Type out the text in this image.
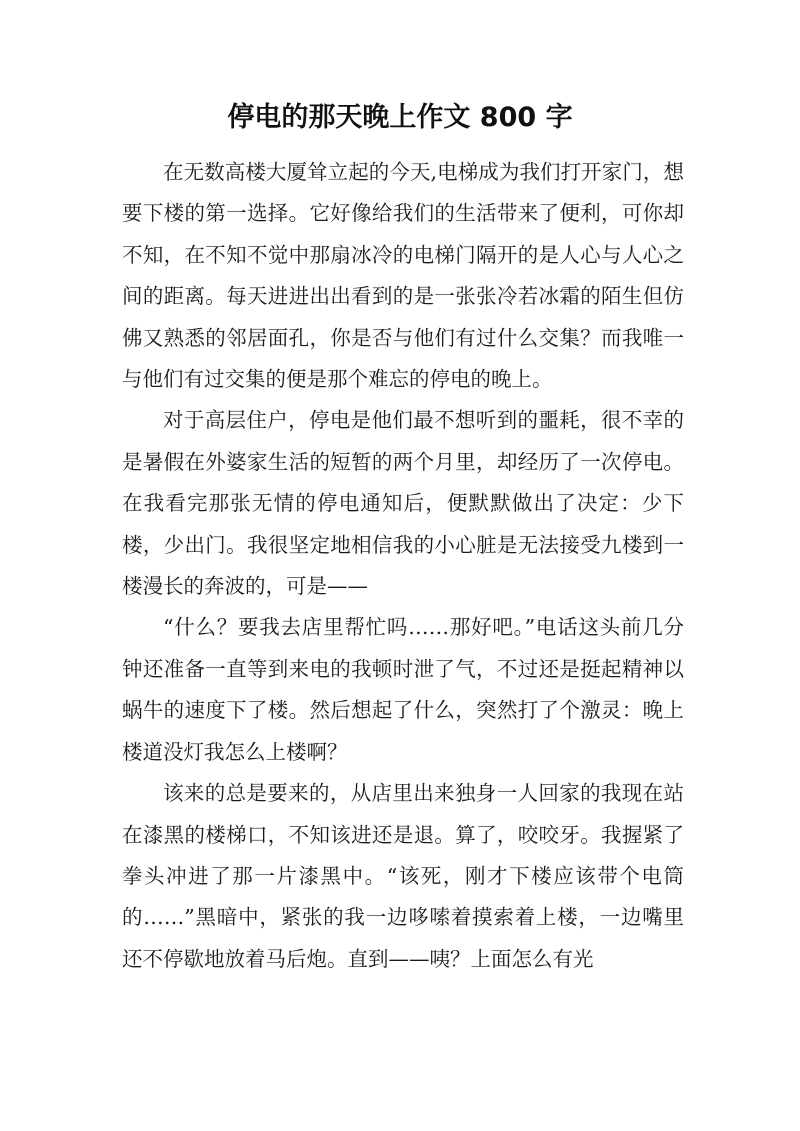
停电的那天晚上作文 800 字

在无数高楼大厦耸立起的今天,电梯成为我们打开家门，想要下楼的第一选择。它好像给我们的生活带来了便利，可你却不知，在不知不觉中那扇冰冷的电梯门隔开的是人心与人心之间的距离。每天进进出出看到的是一张张冷若冰霜的陌生但仿佛又熟悉的邻居面孔，你是否与他们有过什么交集？而我唯一与他们有过交集的便是那个难忘的停电的晚上。

对于高层住户，停电是他们最不想听到的噩耗，很不幸的是暑假在外婆家生活的短暂的两个月里，却经历了一次停电。在我看完那张无情的停电通知后，便默默做出了决定：少下楼，少出门。我很坚定地相信我的小心脏是无法接受九楼到一楼漫长的奔波的，可是——

“什么？要我去店里帮忙吗……那好吧。”电话这头前几分钟还准备一直等到来电的我顿时泄了气，不过还是挺起精神以蜗牛的速度下了楼。然后想起了什么，突然打了个激灵：晚上楼道没灯我怎么上楼啊？

该来的总是要来的，从店里出来独身一人回家的我现在站在漆黑的楼梯口，不知该进还是退。算了，咬咬牙。我握紧了拳头冲进了那一片漆黑中。“该死，刚才下楼应该带个电筒的……”黑暗中，紧张的我一边哆嗦着摸索着上楼，一边嘴里还不停歇地放着马后炮。直到——咦？上面怎么有光
